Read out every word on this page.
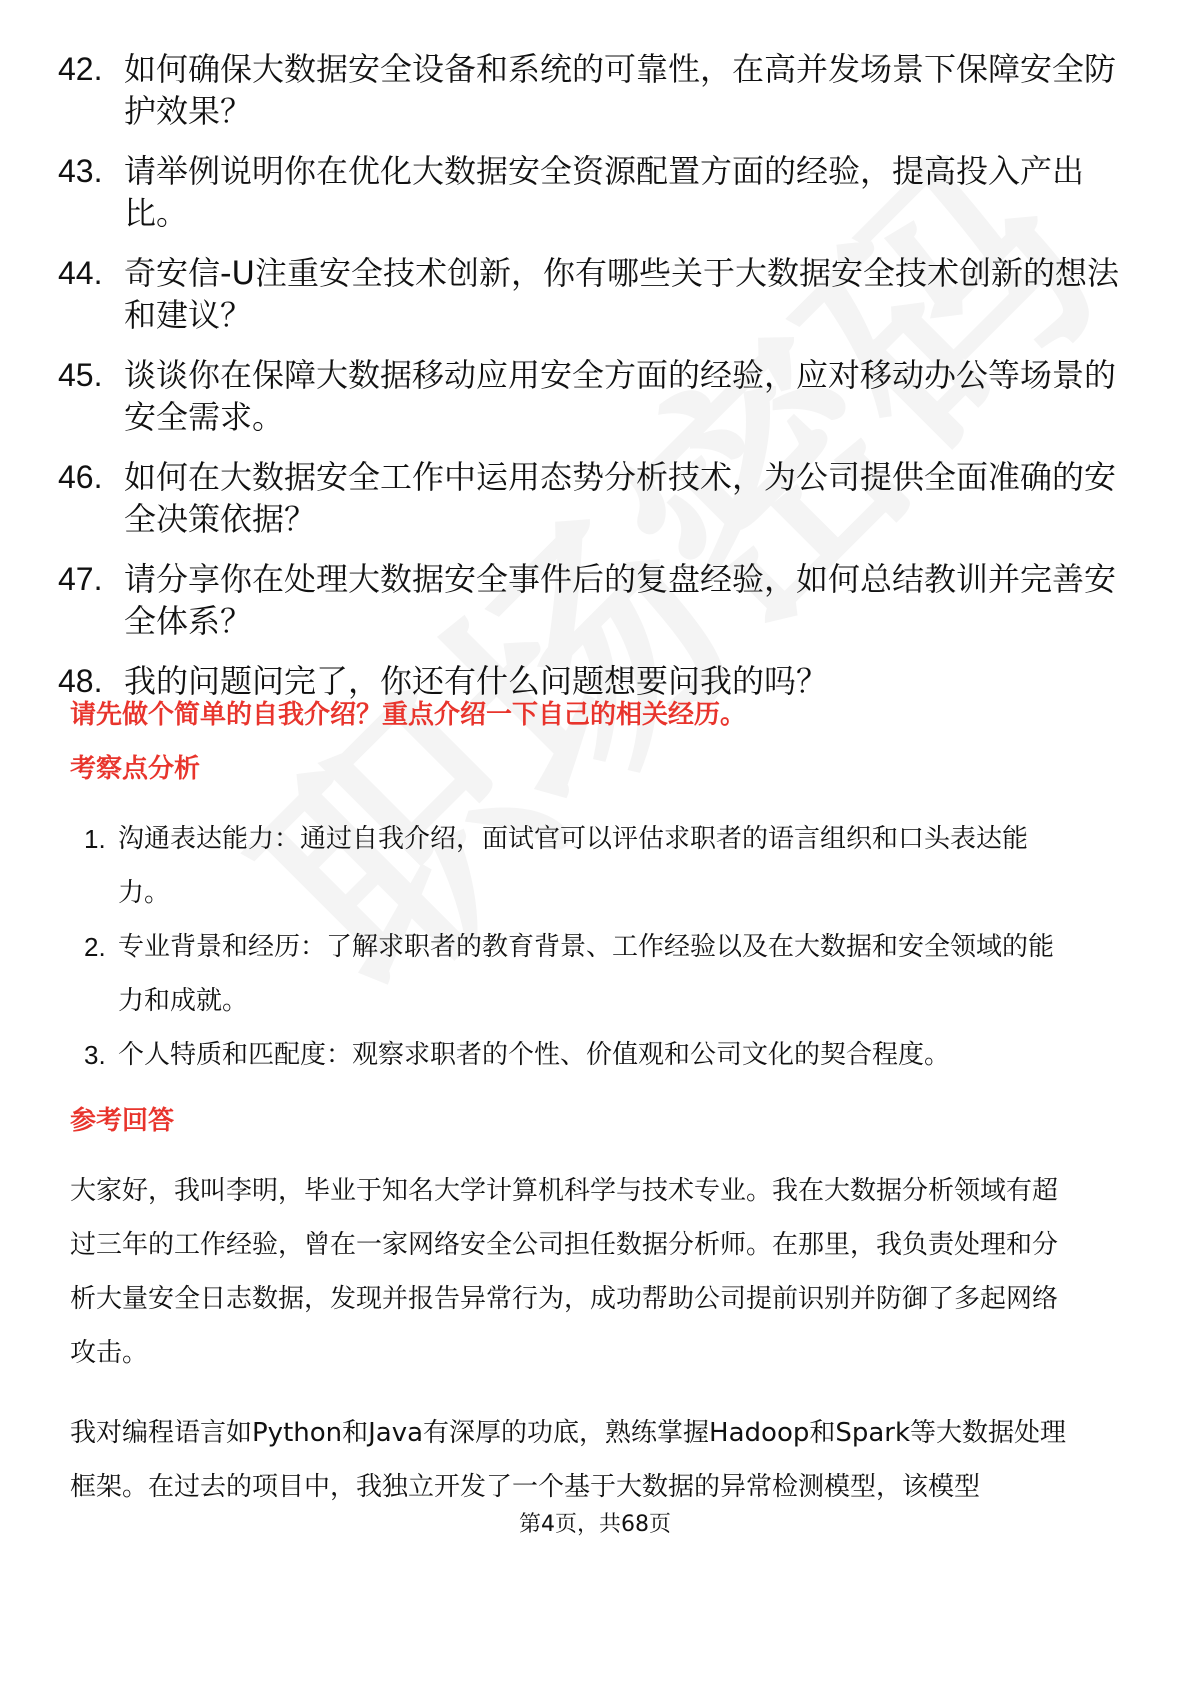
42. 如何确保大数据安全设备和系统的可靠性，在高并发场景下保障安全防护效果？
43. 请举例说明你在优化大数据安全资源配置方面的经验，提高投入产出比。
44. 奇安信-U注重安全技术创新，你有哪些关于大数据安全技术创新的想法和建议？
45. 谈谈你在保障大数据移动应用安全方面的经验，应对移动办公等场景的安全需求。
46. 如何在大数据安全工作中运用态势分析技术，为公司提供全面准确的安全决策依据？
47. 请分享你在处理大数据安全事件后的复盘经验，如何总结教训并完善安全体系？
48. 我的问题问完了，你还有什么问题想要问我的吗？
请先做个简单的自我介绍？重点介绍一下自己的相关经历。
考察点分析
1. 沟通表达能力：通过自我介绍，面试官可以评估求职者的语言组织和口头表达能力。
2. 专业背景和经历：了解求职者的教育背景、工作经验以及在大数据和安全领域的能力和成就。
3. 个人特质和匹配度：观察求职者的个性、价值观和公司文化的契合程度。
参考回答
大家好，我叫李明，毕业于知名大学计算机科学与技术专业。我在大数据分析领域有超过三年的工作经验，曾在一家网络安全公司担任数据分析师。在那里，我负责处理和分析大量安全日志数据，发现并报告异常行为，成功帮助公司提前识别并防御了多起网络攻击。
我对编程语言如Python和Java有深厚的功底，熟练掌握Hadoop和Spark等大数据处理框架。在过去的项目中，我独立开发了一个基于大数据的异常检测模型，该模型
第4页，共68页
